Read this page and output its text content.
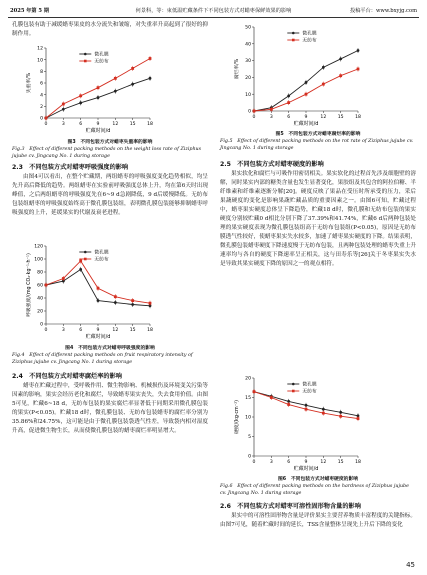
2025 年第 5 期	何景科，等：束低温贮藏条件下不同包装方式对蜡枣保鲜效果的影响	投稿平台：www.bxyjg.com

孔膜包装有助于减缓蜡枣果皮的水分流失和皱缩，对失重率升高起到了很好的抑制作用。

0
2
4
6
8
10
12
0	3	6	9	12 15 18
贮藏时间/d
失重率/%
微孔膜
无纺布
图3　不同包装方式对蜡枣失重率的影响
Fig.3　Effect of different packing methods on the weight loss rate of Ziziphus jujube cv. Jingcang No. 1 during storage
2.3　不同包装方式对蜡枣呼吸强度的影响

由图4可以看出，在整个贮藏期，两组蜡枣的呼吸强度变化趋势相似，均呈先升高后降低的趋势。两组蜡枣在实验前呼吸强度总体上升，均在第6天时出现峰值，之后两组蜡枣的呼吸强度先在6~9 d急剧降低，9 d后缓慢降低。无纺布包装组蜡枣的呼吸强度始终高于微孔膜包装组，表明微孔膜包装能够抑制蜡枣呼吸强度的上升，延缓果实的代谢及衰老进程。

0
20
40
60
80
100
120
0	3	6	9	12 15 18
贮藏时间/d
呼吸强度/(mg CO₂·kg⁻¹·h⁻¹)	微孔膜
无纺布
图4　不同包装方式对蜡枣呼吸强度的影响
Fig.4　Effect of different packing methods on fruit respiratory intensity of Ziziphus jujube cv. Jingcang No. 1 during storage
2.4　不同包装方式对蜡枣腐烂率的影响

蜡枣在贮藏过程中，受呼吸作用、微生物影响、机械损伤及环境变关污染等因素的影响，果实会经历老化和腐烂，导致蜡枣果实丧失，失去食用价值。由图5可见，贮藏6~18 d，无纺布包装的果实腐烂率显著低于同期采用微孔膜包装的果实(P<0.05)。贮藏18 d时，微孔膜包装、无纺布包装蜡枣的腐烂率分别为35.86%和24.75%，这可能是由于微孔膜包装袋透气性差，导致袋内相对湿度升高，促进微生物生长，从而使微孔膜包装的蜡枣腐烂率明显增大。

0
10
20
30
40
50
0	3	6	9	12 15 18
贮藏时间/d
腐烂率/%
微孔膜
无纺布
图5　不同包装方式对蜡枣腐烂率的影响
Fig.5　Effect of different packing methods on the rot rate of Ziziphus jujube cv. Jingcang No. 1 during storage
2.5　不同包装方式对蜡枣硬度的影响

果实软化和腐烂与可吸作用密切相关。果实软化的过程首先涉及细胞壁的溶解，同时果实内部的糖类含量也发生显著变化，果胶组及其包含的阿拉伯糖、半纤维素和纤维素逐渐分解[20]。硬度反映了果品在受压时所承受的压力，采后果蔬硬度的变化是影响果蔬贮藏品质的重要因素之一。由图6可知，贮藏过程中，蜡枣果实硬度总体呈下降趋势，贮藏18 d时，微孔膜和无纺布包装的果实硬度分别较贮藏0 d相比分别下降了37.39%和41.74%，贮藏6 d后两种包装处理的果实硬度表现为微孔膜包装组高于无纺布包装组(P<0.05)，原因是无纺布膜透气性较好，使蜡枣果实失水较多，加速了蜡枣果实硬度的下降。结果表明，微孔膜包装蜡枣硬度下降速度慢于无纺布包装，且两种包装处理的蜡枣失重上升速率均与各自的硬度下降速率呈正相关，这与田寿乐等[26]关于冬枣果实失水是导致其果实硬度下降的原因之一的观点相符。

0
5
10
15
20
0	3	6	9	12 15 18
贮藏时间/d
硬度/(kg·cm⁻²)
微孔膜
无纺布
图6　不同包装方式对蜡枣硬度的影响
Fig.6　Effect of different packing methods on the hardness of Ziziphus jujube cv. Jingcang No. 1 during storage
2.6　不同包装方式对蜡枣可溶性固形物含量的影响

果实中的可溶性固形物含量是评价果实主要营养物质丰富程度的关键指标。由图7可见，随着贮藏时间的延长，TSS含量整体呈现先上升后下降的变化

45
